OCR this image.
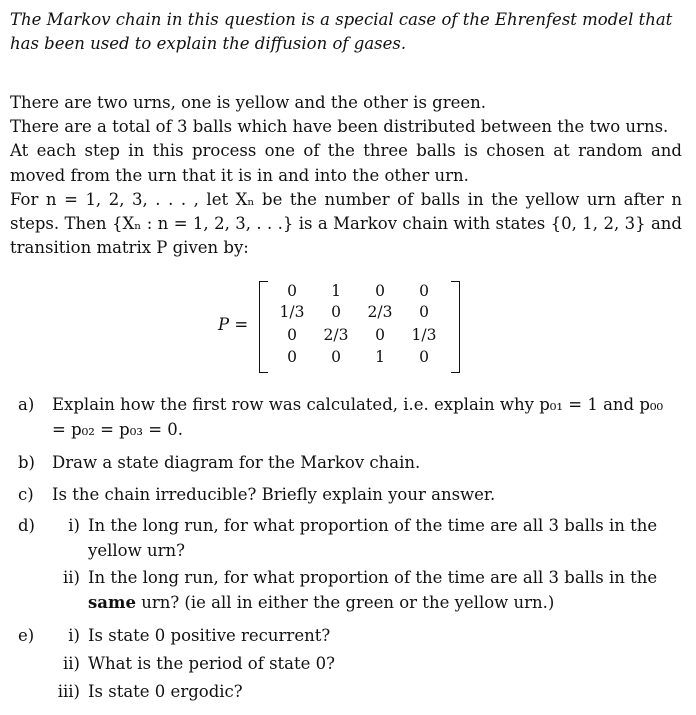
The Markov chain in this question is a special case of the Ehrenfest model that has been used to explain the diffusion of gases.

There are two urns, one is yellow and the other is green.

There are a total of 3 balls which have been distributed between the two urns.

At each step in this process one of the three balls is chosen at random and moved from the urn that it is in and into the other urn.

For n = 1, 2, 3, . . . , let Xₙ be the number of balls in the yellow urn after n steps. Then {Xₙ : n = 1, 2, 3, . . .} is a Markov chain with states {0, 1, 2, 3} and transition matrix P given by:

P =
0	1	0	0
1/3	0	2/3	0
0	2/3	0	1/3
0	0	1	0
a)	Explain how the first row was calculated, i.e. explain why p₀₁ = 1 and p₀₀ = p₀₂ = p₀₃ = 0.
b)	Draw a state diagram for the Markov chain.
c)	Is the chain irreducible? Briefly explain your answer.
d)	i) In the long run, for what proportion of the time are all 3 balls in the yellow urn?
ii) In the long run, for what proportion of the time are all 3 balls in the same urn? (ie all in either the green or the yellow urn.)
e)	i) Is state 0 positive recurrent?
ii) What is the period of state 0?
iii) Is state 0 ergodic?
